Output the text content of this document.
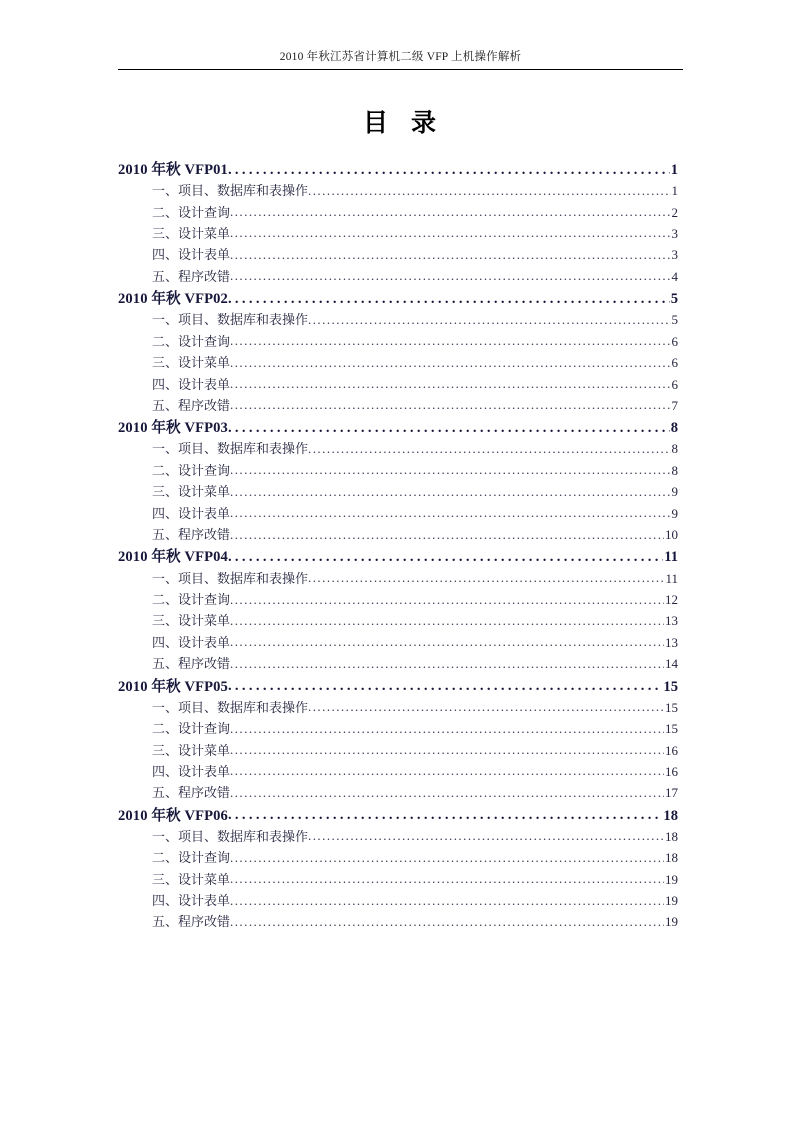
2010 年秋江苏省计算机二级 VFP 上机操作解析
目 录
2010 年秋 VFP01 . . .	1
一、项目、数据库和表操作 . . .	1
二、设计查询 . . .	2
三、设计菜单 . . .	3
四、设计表单 . . .	3
五、程序改错 . . .	4
2010 年秋 VFP02 . . .	5
一、项目、数据库和表操作 . . .	5
二、设计查询 . . .	6
三、设计菜单 . . .	6
四、设计表单 . . .	6
五、程序改错 . . .	7
2010 年秋 VFP03 . . .	8
一、项目、数据库和表操作 . . .	8
二、设计查询 . . .	8
三、设计菜单 . . .	9
四、设计表单 . . .	9
五、程序改错 . . .	10
2010 年秋 VFP04 . . .	11
一、项目、数据库和表操作 . . .	11
二、设计查询 . . .	12
三、设计菜单 . . .	13
四、设计表单 . . .	13
五、程序改错 . . .	14
2010 年秋 VFP05 . . .	15
一、项目、数据库和表操作 . . .	15
二、设计查询 . . .	15
三、设计菜单 . . .	16
四、设计表单 . . .	16
五、程序改错 . . .	17
2010 年秋 VFP06 . . .	18
一、项目、数据库和表操作 . . .	18
二、设计查询 . . .	18
三、设计菜单 . . .	19
四、设计表单 . . .	19
五、程序改错 . . .	19
